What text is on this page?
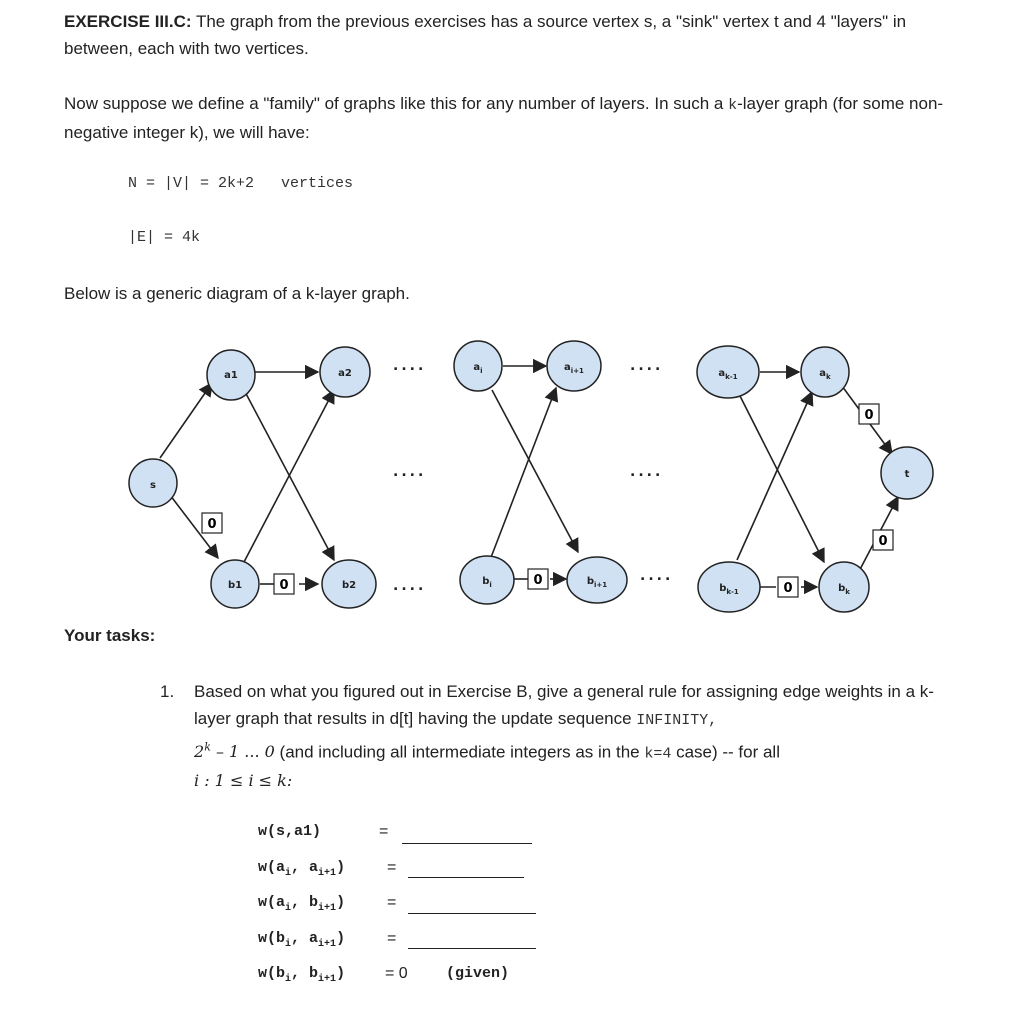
EXERCISE III.C: The graph from the previous exercises has a source vertex s, a "sink" vertex t and 4 "layers" in between, each with two vertices.

Now suppose we define a "family" of graphs like this for any number of layers. In such a k-layer graph (for some non-negative integer k), we will have:

N = |V| = 2k+2 vertices
|E| = 4k

Below is a generic diagram of a k-layer graph.

0
0	0
0
0
0
s
a1
b1
a2
b2
$a_i$	$a_{i+1}$
$b_i$	$b_{i+1}$
$a_{k-1}$	$a_k$
$b_{k-1}$	$b_k$
t
....
....
....
....
....
....
Your tasks:
1. Based on what you figured out in Exercise B, give a general rule for assigning edge weights in a k-layer graph that results in d[t] having the update sequence INFINITY,
2$^k$ – 1 ... 0 (and including all intermediate integers as in the k=4 case) -- for all
i : 1 ≤ i ≤ k:
w(s,a1)	=
$w(a_i$, $a_{i+1}$)	=
$w(a_i$, $b_{i+1}$)	=
$w(b_i$, $a_{i+1}$)	=
$w(b_i$, $b_{i+1}) = 0$	(given)
